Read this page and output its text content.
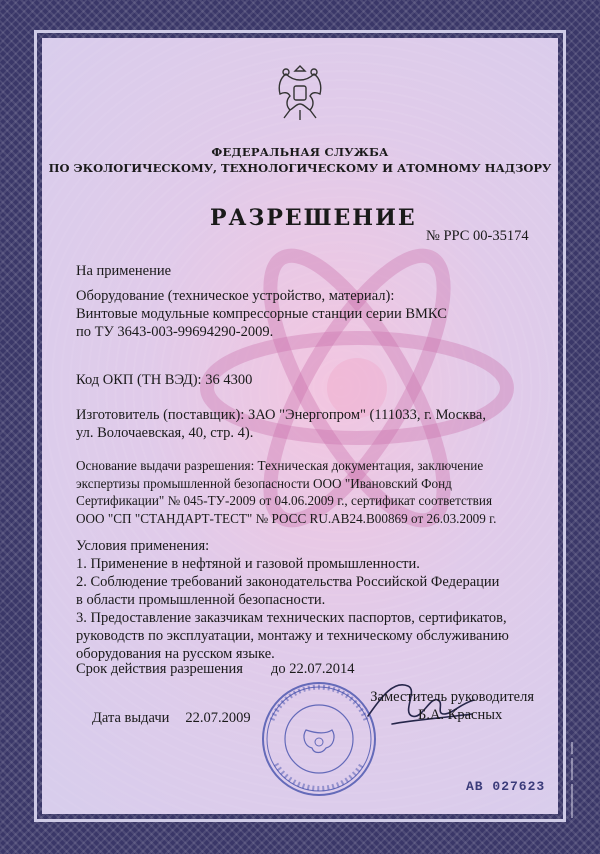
ФЕДЕРАЛЬНАЯ СЛУЖБА
ПО ЭКОЛОГИЧЕСКОМУ, ТЕХНОЛОГИЧЕСКОМУ И АТОМНОМУ НАДЗОРУ
РАЗРЕШЕНИЕ
№ РРС 00-35174
На применение
Оборудование (техническое устройство, материал):
Винтовые модульные компрессорные станции серии ВМКС
по ТУ 3643-003-99694290-2009.
Код ОКП (ТН ВЭД): 36 4300
Изготовитель (поставщик): ЗАО "Энергопром" (111033, г. Москва,
ул. Волочаевская, 40, стр. 4).
Основание выдачи разрешения: Техническая документация, заключение
экспертизы промышленной безопасности ООО "Ивановский Фонд
Сертификации" № 045-ТУ-2009 от 04.06.2009 г., сертификат соответствия
ООО "СП "СТАНДАРТ-ТЕСТ" № РОСС RU.АВ24.В00869 от 26.03.2009 г.
Условия применения:
1. Применение в нефтяной и газовой промышленности.
2. Соблюдение требований законодательства Российской Федерации
в области промышленной безопасности.
3. Предоставление заказчикам технических паспортов, сертификатов,
руководств по эксплуатации, монтажу и техническому обслуживанию
оборудования на русском языке.
Срок действия разрешения до 22.07.2014
Заместитель руководителя
Б.А. Красных
Дата выдачи 22.07.2009
АВ 027623
